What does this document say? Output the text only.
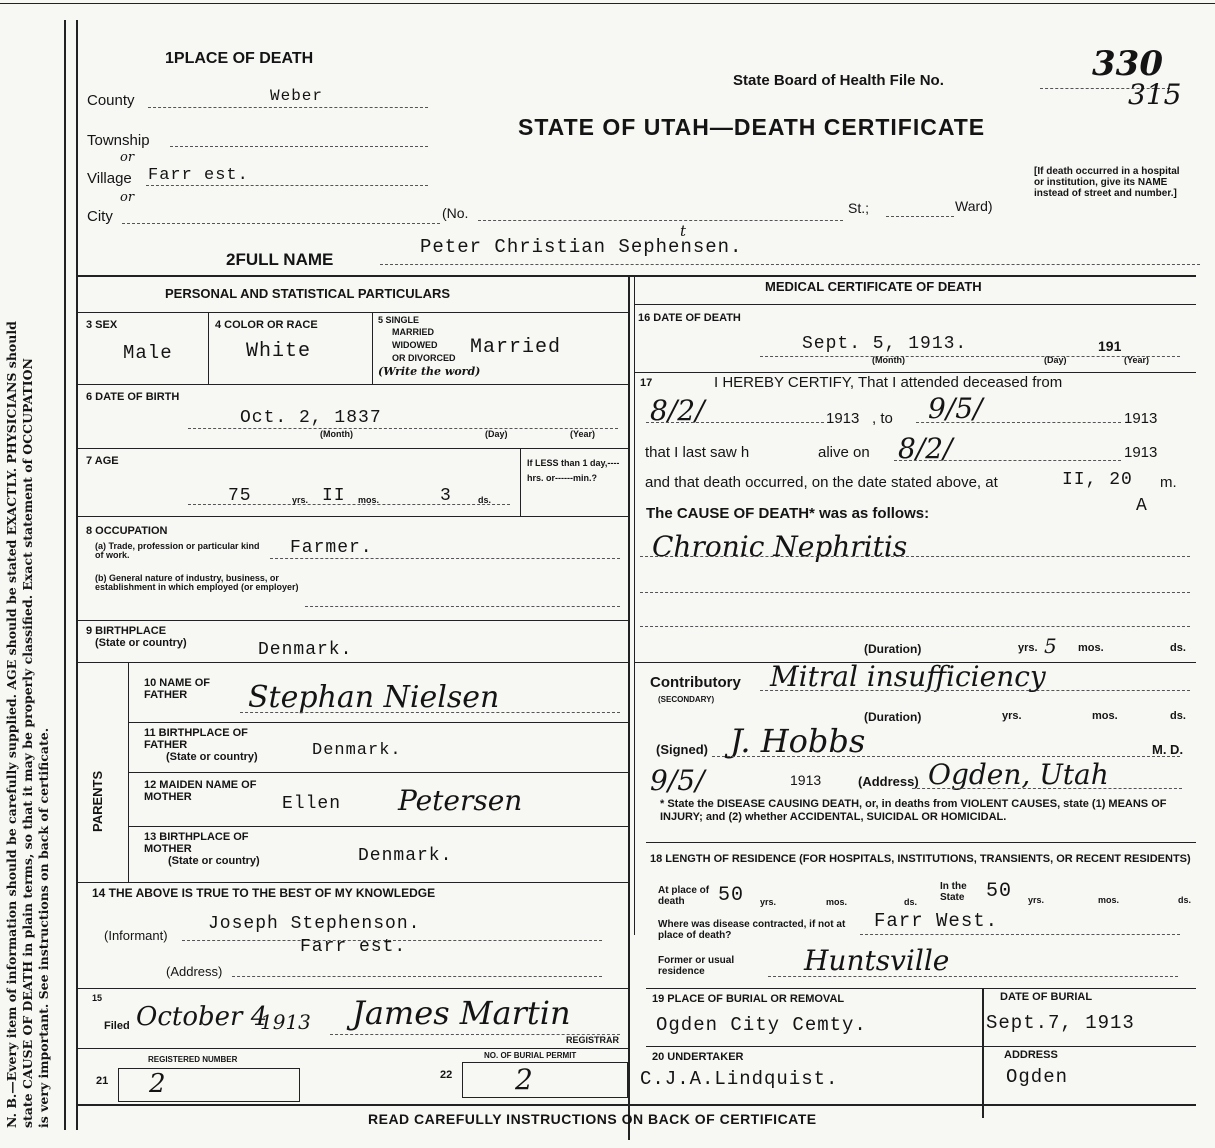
N. B.—Every item of information should be carefully supplied. AGE should be stated EXACTLY. PHYSICIANS should state CAUSE OF DEATH in plain terms, so that it may be properly classified. Exact statement of OCCUPATION is very important. See instructions on back of certificate.
1PLACE OF DEATH
State Board of Health File No.	330
315
STATE OF UTAH—DEATH CERTIFICATE
County	Weber
Township
or
Village Farr est.
or
City	(No.	St.;	Ward)
[If death occurred in a hospital or institution, give its NAME instead of street and number.]
2FULL NAME
Peter Christian Sephensen.
t
PERSONAL AND STATISTICAL PARTICULARS
3 SEX
Male
4 COLOR OR RACE
White
5 SINGLE
MARRIED
WIDOWED
OR DIVORCED
(Write the word)
Married
6 DATE OF BIRTH
Oct. 2, 1837
(Month)	(Day)	(Year)
7 AGE
75	yrs. II mos.	3	ds.
If LESS than 1 day,----hrs. or------min.?
8 OCCUPATION
(a) Trade, profession or particular kind of work.	Farmer.
(b) General nature of industry, business, or establishment in which employed (or employer)
9 BIRTHPLACE
(State or country)	Denmark.
PARENTS
10 NAME OF FATHER	Stephan Nielsen
11 BIRTHPLACE OF FATHER
(State or country)	Denmark.
12 MAIDEN NAME OF MOTHER	Ellen Petersen
13 BIRTHPLACE OF MOTHER
(State or country)	Denmark.
14 THE ABOVE IS TRUE TO THE BEST OF MY KNOWLEDGE
(Informant)
Joseph Stephenson.
Farr est.
(Address)
15
Filed October 4
1913 James Martin
REGISTRAR
REGISTERED NUMBER
21 2
NO. OF BURIAL PERMIT
22 2
MEDICAL CERTIFICATE OF DEATH
16 DATE OF DEATH
Sept. 5, 1913.	191
(Month)	(Day)	(Year)
17	I HEREBY CERTIFY, That I attended deceased from
8/2/	1913 , to 9/5/	1913
that I last saw h	alive on 8/2/	1913
and that death occurred, on the date stated above, at	II, 20 m.
A
The CAUSE OF DEATH* was as follows:
Chronic Nephritis
(Duration)	yrs. 5 mos.	ds.
Contributory
(SECONDARY)
Mitral insufficiency
(Duration)	yrs.	mos.	ds.
(Signed) J. Hobbs	M. D.
9/5/	1913	(Address) Ogden, Utah
* State the DISEASE CAUSING DEATH, or, in deaths from VIOLENT CAUSES, state (1) MEANS OF INJURY; and (2) whether ACCIDENTAL, SUICIDAL OR HOMICIDAL.
18 LENGTH OF RESIDENCE (FOR HOSPITALS, INSTITUTIONS, TRANSIENTS, OR RECENT RESIDENTS)
At place of death	50 yrs.	mos.	ds.
In the State	50 yrs.	mos.	ds.
Where was disease contracted, if not at place of death?
Farr West.
Former or usual residence	Huntsville
19 PLACE OF BURIAL OR REMOVAL
Ogden City Cemty.
DATE OF BURIAL
Sept.7, 1913
20 UNDERTAKER
C.J.A.Lindquist.
ADDRESS
Ogden
READ CAREFULLY INSTRUCTIONS ON BACK OF CERTIFICATE
